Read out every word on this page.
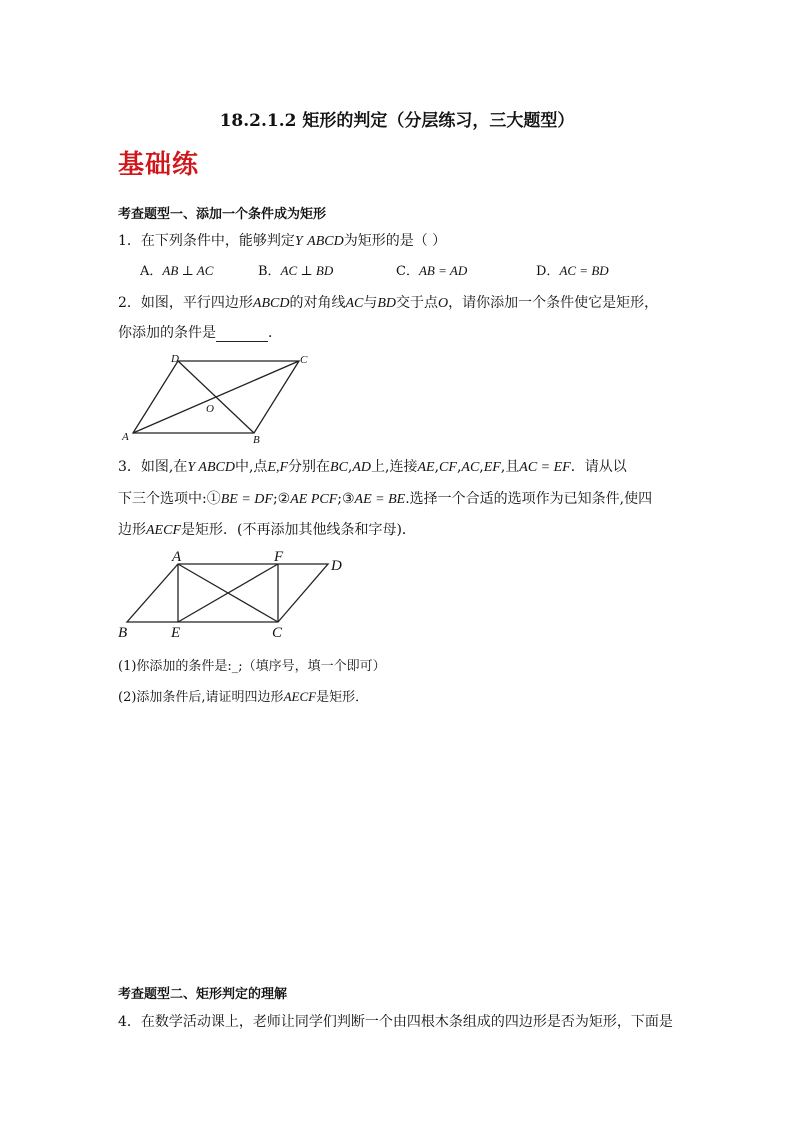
18.2.1.2 矩形的判定（分层练习，三大题型）
基础练
考查题型一、添加一个条件成为矩形
1．在下列条件中，能够判定Y ABCD为矩形的是（ ）
A．AB ⊥ AC	B．AC ⊥ BD	C．AB = AD	D．AC = BD
2．如图，平行四边形ABCD的对角线AC与BD交于点O，请你添加一个条件使它是矩形，
你添加的条件是	．
A	B
C
D
O
3．如图,在Y ABCD中,点E,F分别在BC,AD上,连接AE,CF,AC,EF,且AC = EF．请从以
下三个选项中:①BE = DF;②AE PCF;③AE = BE.选择一个合适的选项作为已知条件,使四
边形AECF是矩形．(不再添加其他线条和字母)．
A	F
D
B	E	C
(1)你添加的条件是:_;（填序号，填一个即可）
(2)添加条件后,请证明四边形AECF是矩形．
考查题型二、矩形判定的理解
4．在数学活动课上，老师让同学们判断一个由四根木条组成的四边形是否为矩形，下面是
